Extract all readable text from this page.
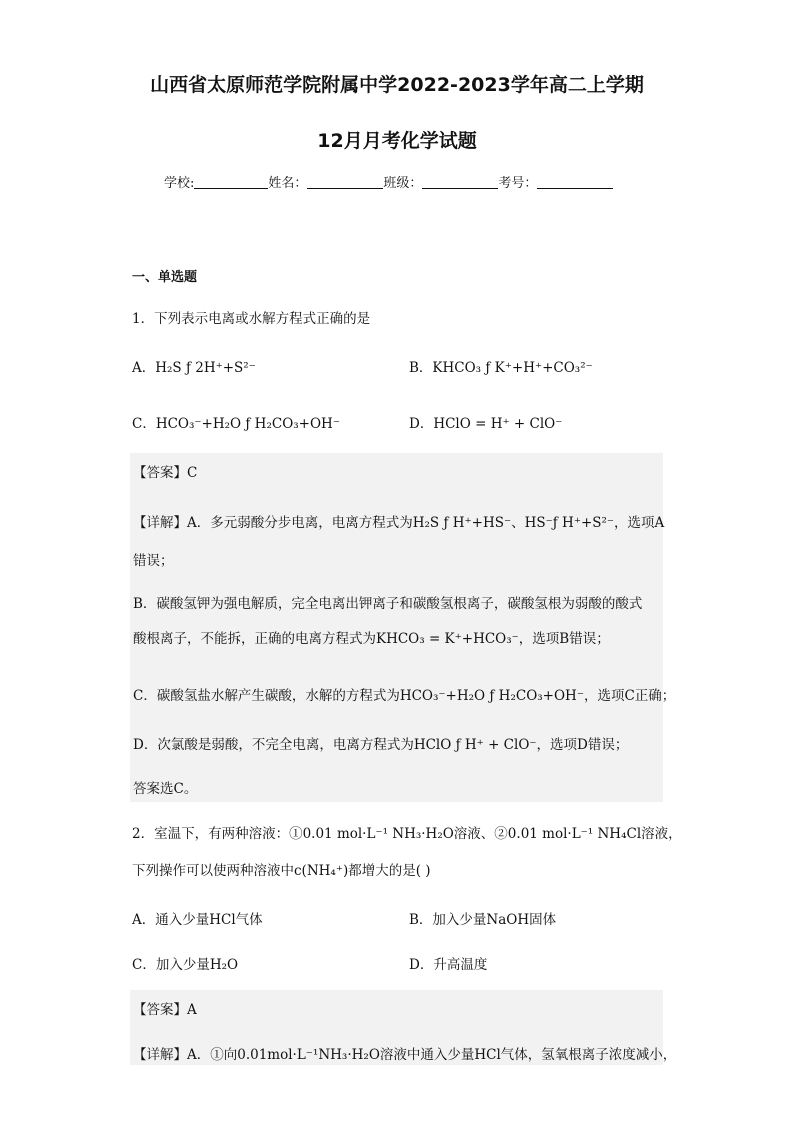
山西省太原师范学院附属中学2022-2023学年高二上学期
12月月考化学试题
学校:	姓名：	班级：	考号：
一、单选题
1．下列表示电离或水解方程式正确的是
A．H₂S ƒ 2H⁺+S²⁻	B．KHCO₃ ƒ K⁺+H⁺+CO₃²⁻
C．HCO₃⁻+H₂O ƒ H₂CO₃+OH⁻	D．HClO = H⁺ + ClO⁻
【答案】C
【详解】A．多元弱酸分步电离，电离方程式为H₂S ƒ H⁺+HS⁻、HS⁻ƒ H⁺+S²⁻，选项A
错误；
B．碳酸氢钾为强电解质，完全电离出钾离子和碳酸氢根离子，碳酸氢根为弱酸的酸式
酸根离子，不能拆，正确的电离方程式为KHCO₃ = K⁺+HCO₃⁻，选项B错误；
C．碳酸氢盐水解产生碳酸，水解的方程式为HCO₃⁻+H₂O ƒ H₂CO₃+OH⁻，选项C正确；
D．次氯酸是弱酸，不完全电离，电离方程式为HClO ƒ H⁺ + ClO⁻，选项D错误；
答案选C。
2．室温下，有两种溶液：①0.01 mol·L⁻¹ NH₃·H₂O溶液、②0.01 mol·L⁻¹ NH₄Cl溶液，
下列操作可以使两种溶液中c(NH₄⁺)都增大的是( )
A．通入少量HCl气体	B．加入少量NaOH固体
C．加入少量H₂O	D．升高温度
【答案】A
【详解】A．①向0.01mol·L⁻¹NH₃·H₂O溶液中通入少量HCl气体，氢氧根离子浓度减小，
